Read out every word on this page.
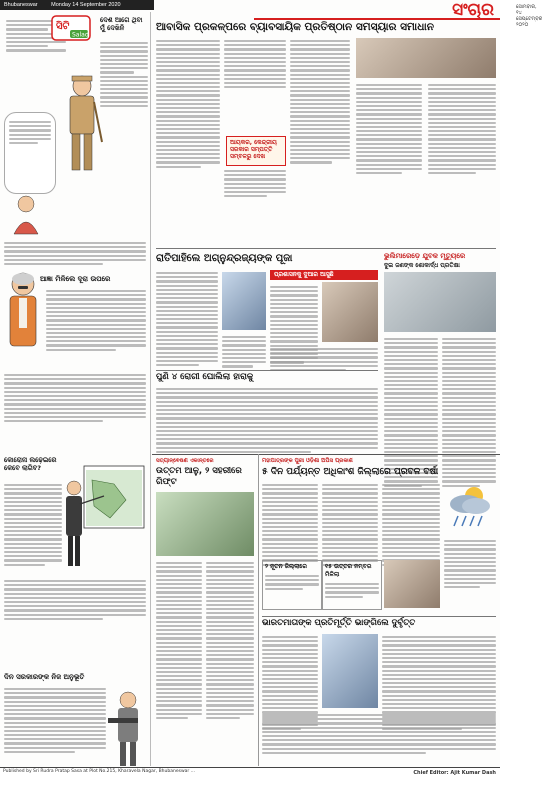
Bhubaneswar Monday 14 September 2020	ସୋମବାର, ୧୪ ସେପ୍ଟେମ୍ବର ୨୦୨୦
ସଂଚାର
ସିଟି
Salad
ଦେଶ ଆଗେ ଥିବା ମୁଁ ଦେଖିନି
ଆଜ୍ଞା ମିଳିଲେ ଦୂରା ଉପରେ
କୋରୋନା ଲଢ଼େଇରେ କେବେ ଲାଗିବ?
ଦିନ ସରକାରଙ୍କ ନିଜ ଅନୁଭୂତି
ଆବାସିକ ପ୍ରକଳ୍ପରେ ବ୍ୟାବସାୟିକ ପ୍ରତିଷ୍ଠାନ ସମସ୍ୟାର ସମାଧାନ
ଆୟକର, କେନ୍ଦ୍ରୀୟ ସରକାର ସମ୍ପତ୍ତି ସମ୍ବଳରୁ ଦେଖ
ରାତିପାହିଲେ ଅଗ୍ନୁନ୍ଦ୍ରଜ୍ୟଙ୍କ ପୂଜା
ପ୍ରଶାସନକୁ ଦୁଆର ଆସୁଛି
ଭୁଲିମାରେଡ଼େ ଯୁବକ ମୃତ୍ୟୁରେ
ଦୁଇ ଜଣଙ୍କ ଶୋକାର୍ଦ୍ଧ ପ୍ରତିକ୍ଷା
ପୁଣି ୪ ରୋଗୀ ଘୋଲିଲା ହାରାକୁ
ସତ୍ୟାନ୍ଵେଷଣ ଏକାନ୍ତରେ
ଉତ୍ତମ ଆଳୁ, ୨ ସହରୀରେ ଗିଫ୍ଟ
ମହାପାତ୍ରଙ୍କ ପୁରୀ ଓଡ଼ିଶା ଅପିସ ପ୍ରକାଶ
୫ ଦିନ ପର୍ଯ୍ୟନ୍ତ ଅଧିକାଂଶ ଜିଲ୍ଲାରେ ପ୍ରବଳ ବର୍ଷା
୨ ନୂତନ ଜିଲ୍ଲାରେ	୧୫ ଉତ୍ତର ନମ୍ବର ମିଳିଲା
ଭାରତମାତାଙ୍କ ପ୍ରତିମୂର୍ତ୍ତି ଭାଙ୍ଗିଲେ ଦୁର୍ବୃତ୍ତ
Published by Sri Rudra Pratap Sasa at Plot No.215, Kharavela Nagar, Bhubaneswar ...	Chief Editor: Ajit Kumar Dash
